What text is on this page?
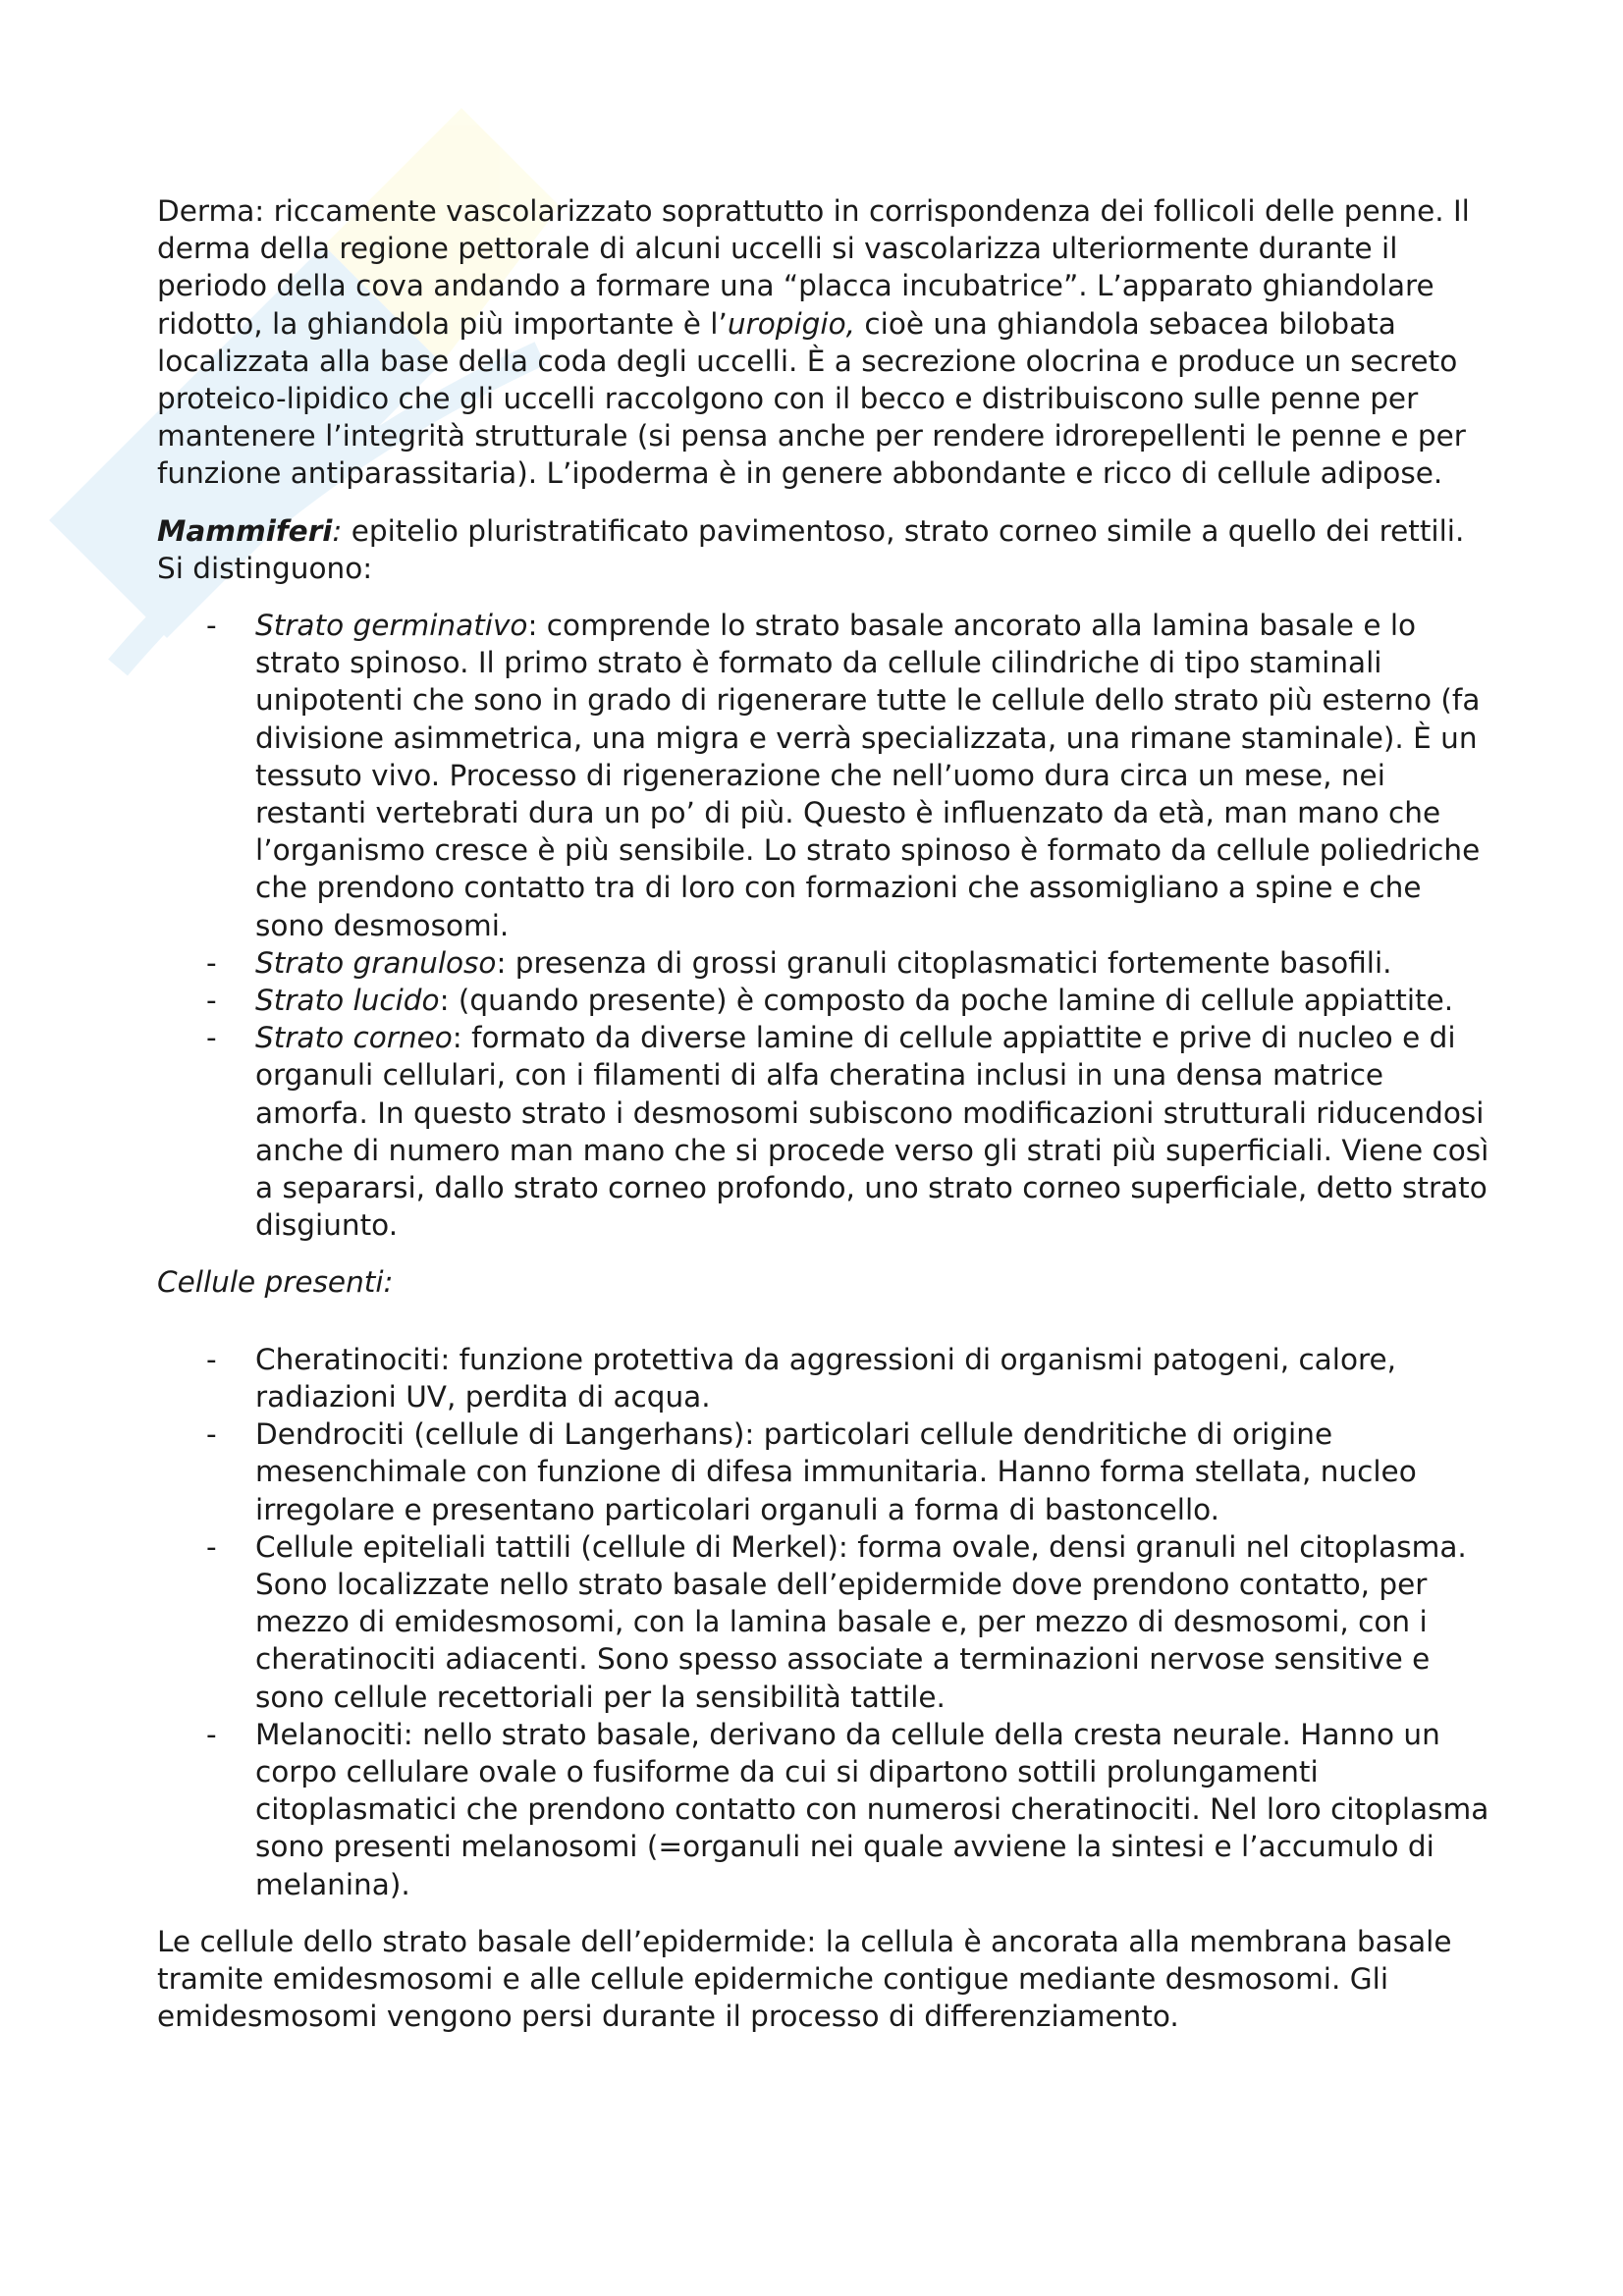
Derma: riccamente vascolarizzato soprattutto in corrispondenza dei follicoli delle penne. Il derma della regione pettorale di alcuni uccelli si vascolarizza ulteriormente durante il periodo della cova andando a formare una “placca incubatrice”. L’apparato ghiandolare ridotto, la ghiandola più importante è l’uropigio, cioè una ghiandola sebacea bilobata localizzata alla base della coda degli uccelli. È a secrezione olocrina e produce un secreto proteico-lipidico che gli uccelli raccolgono con il becco e distribuiscono sulle penne per mantenere l’integrità strutturale (si pensa anche per rendere idrorepellenti le penne e per funzione antiparassitaria). L’ipoderma è in genere abbondante e ricco di cellule adipose.

Mammiferi: epitelio pluristratificato pavimentoso, strato corneo simile a quello dei rettili. Si distinguono:

- Strato germinativo: comprende lo strato basale ancorato alla lamina basale e lo strato spinoso. Il primo strato è formato da cellule cilindriche di tipo staminali unipotenti che sono in grado di rigenerare tutte le cellule dello strato più esterno (fa divisione asimmetrica, una migra e verrà specializzata, una rimane staminale). È un tessuto vivo. Processo di rigenerazione che nell’uomo dura circa un mese, nei restanti vertebrati dura un po’ di più. Questo è influenzato da età, man mano che l’organismo cresce è più sensibile. Lo strato spinoso è formato da cellule poliedriche che prendono contatto tra di loro con formazioni che assomigliano a spine e che sono desmosomi.
- Strato granuloso: presenza di grossi granuli citoplasmatici fortemente basofili.
- Strato lucido: (quando presente) è composto da poche lamine di cellule appiattite.
- Strato corneo: formato da diverse lamine di cellule appiattite e prive di nucleo e di organuli cellulari, con i filamenti di alfa cheratina inclusi in una densa matrice amorfa. In questo strato i desmosomi subiscono modificazioni strutturali riducendosi anche di numero man mano che si procede verso gli strati più superficiali. Viene così a separarsi, dallo strato corneo profondo, uno strato corneo superficiale, detto strato disgiunto.

Cellule presenti:

- Cheratinociti: funzione protettiva da aggressioni di organismi patogeni, calore, radiazioni UV, perdita di acqua.
- Dendrociti (cellule di Langerhans): particolari cellule dendritiche di origine mesenchimale con funzione di difesa immunitaria. Hanno forma stellata, nucleo irregolare e presentano particolari organuli a forma di bastoncello.
- Cellule epiteliali tattili (cellule di Merkel): forma ovale, densi granuli nel citoplasma. Sono localizzate nello strato basale dell’epidermide dove prendono contatto, per mezzo di emidesmosomi, con la lamina basale e, per mezzo di desmosomi, con i cheratinociti adiacenti. Sono spesso associate a terminazioni nervose sensitive e sono cellule recettoriali per la sensibilità tattile.
- Melanociti: nello strato basale, derivano da cellule della cresta neurale. Hanno un corpo cellulare ovale o fusiforme da cui si dipartono sottili prolungamenti citoplasmatici che prendono contatto con numerosi cheratinociti. Nel loro citoplasma sono presenti melanosomi (=organuli nei quale avviene la sintesi e l’accumulo di melanina).

Le cellule dello strato basale dell’epidermide: la cellula è ancorata alla membrana basale tramite emidesmosomi e alle cellule epidermiche contigue mediante desmosomi. Gli emidesmosomi vengono persi durante il processo di differenziamento.
